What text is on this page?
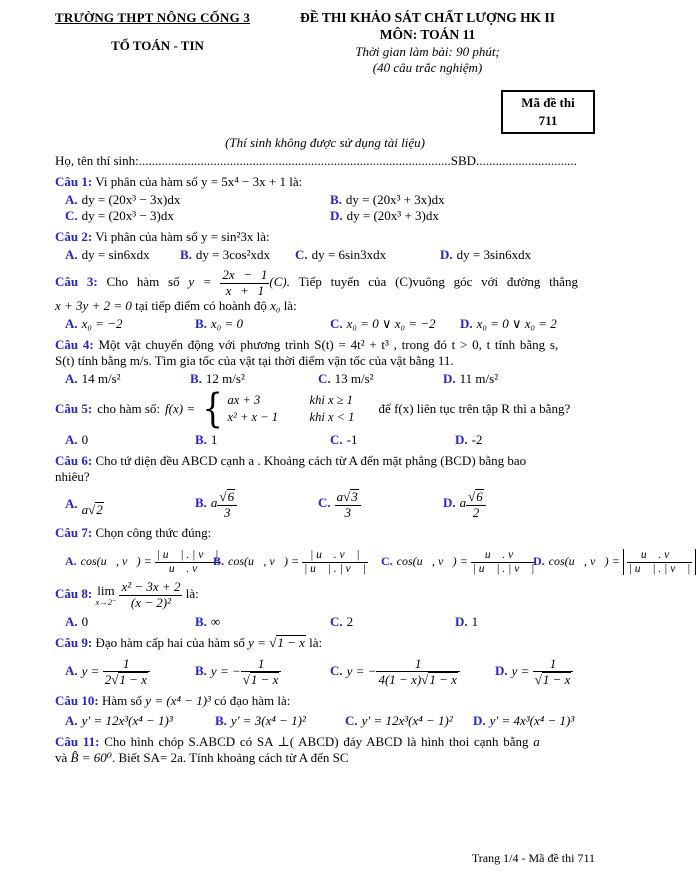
TRƯỜNG THPT NÔNG CỐNG 3
TỔ TOÁN - TIN
ĐỀ THI KHẢO SÁT CHẤT LƯỢNG HK II
MÔN: TOÁN 11
Thời gian làm bài: 90 phút;
(40 câu trắc nghiệm)
Mã đề thi
711
(Thí sinh không được sử dụng tài liệu)
Họ, tên thí sinh:................................................................................................SBD...............................
Câu 1: Vi phân của hàm số y = 5x⁴ − 3x + 1 là:
A. dy = (20x³ − 3x)dx	B. dy = (20x³ + 3x)dx
C. dy = (20x³ − 3)dx	D. dy = (20x³ + 3)dx
Câu 2: Vi phân của hàm số y = sin²3x là:
A. dy = sin6xdx	B. dy = 3cos²xdx	C. dy = 6sin3xdx	D. dy = 3sin6xdx
Câu 3: Cho hàm số $y = \frac{2x - 1}{x + 1} (C)$. Tiếp tuyến của (C)vuông góc với đường thẳng
x + 3y + 2 = 0 tại tiếp điểm có hoành độ x₀ là:
A. x₀ = −2	B. x₀ = 0	C. x₀ = 0 ∨ x₀ = −2	D. x₀ = 0 ∨ x₀ = 2
Câu 4: Một vật chuyển động với phương trình S(t) = 4t² + t³ , trong đó t > 0, t tính bằng s,
S(t) tính bằng m/s. Tìm gia tốc của vật tại thời điểm vận tốc của vật bằng 11.
A. 14 m/s²	B. 12 m/s²	C. 13 m/s²	D. 11 m/s²
Câu 5: cho hàm số: f(x) = { ax + 3	khi x ≥ 1
x² + x − 1	khi x < 1
để f(x) liên tục trên tập R thì a bằng?
A. 0	B. 1	C. -1	D. -2
Câu 6: Cho tứ diện đều ABCD cạnh a . Khoảng cách từ A đến mặt phẳng (BCD) bằng bao
nhiêu?
A. a√2	B. a $\frac{√6}{3}$	C. $\frac{a√3}{3}$	D. a $\frac{√6}{2}$
Câu 7: Chọn công thức đúng:
A. cos(u⃗, v⃗) = $\frac{| u⃗ | . | v⃗ |}{u⃗ . v⃗}$
B. cos(u⃗, v⃗) = $\frac{| u⃗ . v⃗ |}{| u⃗ | . | v⃗ |} C$. cos(u⃗, v⃗) = $\frac{u⃗ . v⃗}{| u⃗ | . | v⃗ |}$
D. cos(u⃗, v⃗) = $\frac{u⃗ . v⃗}{| u⃗ | . | v⃗ |}$
Câu 8: lim
$x\to 2^- \frac{\text{x² − 3x + 2}}{\text{(x − 2)²}}$ là:
A. 0	B. ∞	C. 2	D. 1
Câu 9: Đạo hàm cấp hai của hàm số y = √1 − x là:
A. $y = \frac{1}{2√1 - x}$	B. y = − $\frac{1}{√1 - x}$	C. y = − $\frac{1}{4(1 - x)√1 - x}$	D. $y = \frac{1}{√1 - x}$
Câu 10: Hàm số y = (x⁴ − 1)³ có đạo hàm là:
A. y' = 12x³(x⁴ − 1)³	B. y' = 3(x⁴ − 1)²	C. y' = 12x³(x⁴ − 1)²	D. y' = 4x³(x⁴ − 1)³
Câu 11: Cho hình chóp S.ABCD có SA ⊥( ABCD) đáy ABCD là hình thoi cạnh bằng a
và B̂ = 60⁰. Biết SA= 2a. Tính khoảng cách từ A đến SC
Trang 1/4 - Mã đề thi 711
